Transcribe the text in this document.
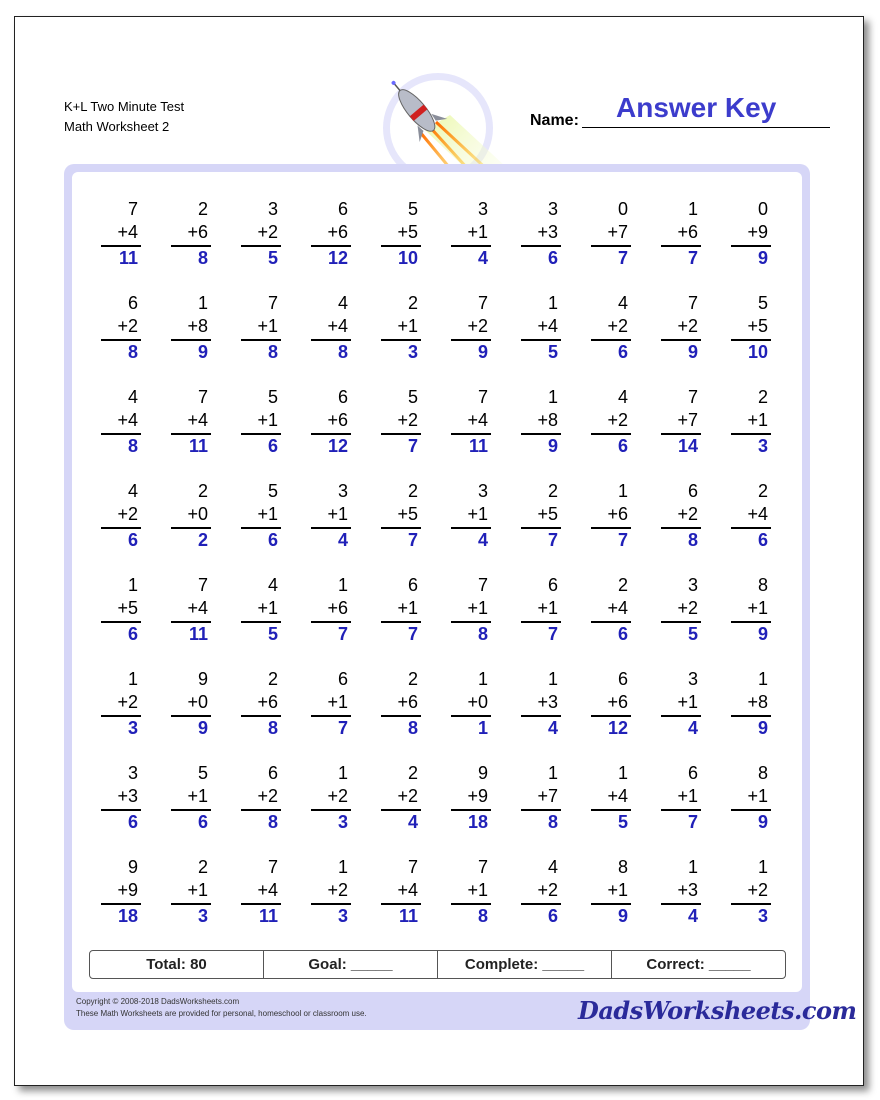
K+L Two Minute Test
Math Worksheet 2	Name: Answer Key
7
+4
11
2
+6
8
3
+2
5
6
+6
12
5
+5
10
3
+1
4
3
+3
6
0
+7
7
1
+6
7
0
+9
9
6
+2
8
1
+8
9
7
+1
8
4
+4
8
2
+1
3
7
+2
9
1
+4
5
4
+2
6
7
+2
9
5
+5
10
4
+4
8
7
+4
11
5
+1
6
6
+6
12
5
+2
7
7
+4
11
1
+8
9
4
+2
6
7
+7
14
2
+1
3
4
+2
6
2
+0
2
5
+1
6
3
+1
4
2
+5
7
3
+1
4
2
+5
7
1
+6
7
6
+2
8
2
+4
6
1
+5
6
7
+4
11
4
+1
5
1
+6
7
6
+1
7
7
+1
8
6
+1
7
2
+4
6
3
+2
5
8
+1
9
1
+2
3
9
+0
9
2
+6
8
6
+1
7
2
+6
8
1
+0
1
1
+3
4
6
+6
12
3
+1
4
1
+8
9
3
+3
6
5
+1
6
6
+2
8
1
+2
3
2
+2
4
9
+9
18
1
+7
8
1
+4
5
6
+1
7
8
+1
9
9
+9
18
2
+1
3
7
+4
11
1
+2
3
7
+4
11
7
+1
8
4
+2
6
8
+1
9
1
+3
4
1
+2
3
Total: 80	Goal: _____	Complete: _____	Correct: _____
Copyright © 2008-2018 DadsWorksheets.com
These Math Worksheets are provided for personal, homeschool or classroom use.	DadsWorksheets.com
